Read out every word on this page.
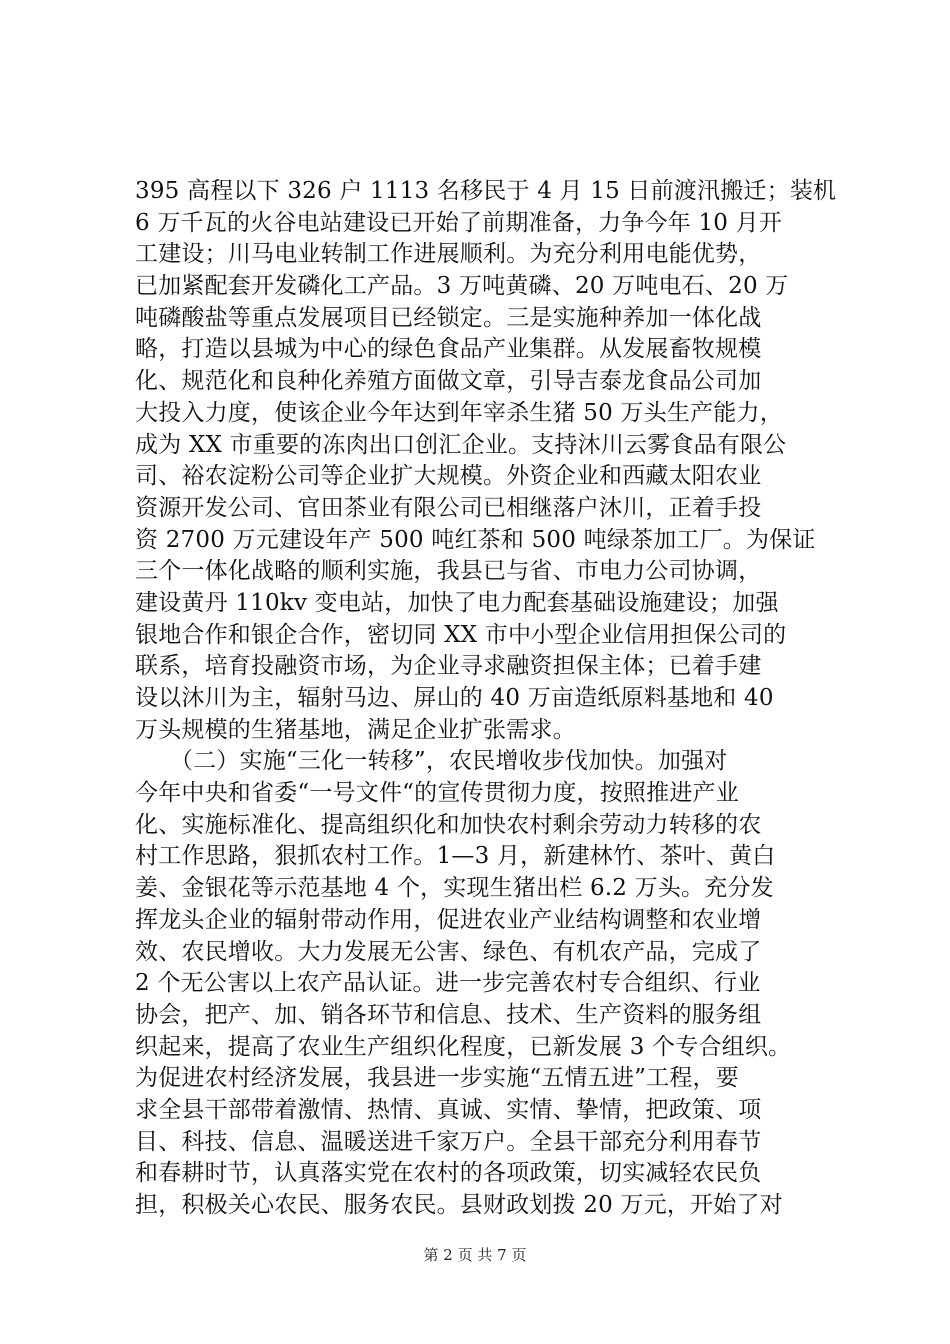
395 高程以下 326 户 1113 名移民于 4 月 15 日前渡汛搬迁；装机
6 万千瓦的火谷电站建设已开始了前期准备，力争今年 10 月开
工建设；川马电业转制工作进展顺利。为充分利用电能优势，
已加紧配套开发磷化工产品。3 万吨黄磷、20 万吨电石、20 万
吨磷酸盐等重点发展项目已经锁定。三是实施种养加一体化战
略，打造以县城为中心的绿色食品产业集群。从发展畜牧规模
化、规范化和良种化养殖方面做文章，引导吉泰龙食品公司加
大投入力度，使该企业今年达到年宰杀生猪 50 万头生产能力，
成为 XX 市重要的冻肉出口创汇企业。支持沐川云雾食品有限公
司、裕农淀粉公司等企业扩大规模。外资企业和西藏太阳农业
资源开发公司、官田茶业有限公司已相继落户沐川，正着手投
资 2700 万元建设年产 500 吨红茶和 500 吨绿茶加工厂。为保证
三个一体化战略的顺利实施，我县已与省、市电力公司协调，
建设黄丹 110kv 变电站，加快了电力配套基础设施建设；加强
银地合作和银企合作，密切同 XX 市中小型企业信用担保公司的
联系，培育投融资市场，为企业寻求融资担保主体；已着手建
设以沐川为主，辐射马边、屏山的 40 万亩造纸原料基地和 40
万头规模的生猪基地，满足企业扩张需求。
　　（二）实施“三化一转移”，农民增收步伐加快。加强对
今年中央和省委“一号文件“的宣传贯彻力度，按照推进产业
化、实施标准化、提高组织化和加快农村剩余劳动力转移的农
村工作思路，狠抓农村工作。1—3 月，新建林竹、茶叶、黄白
姜、金银花等示范基地 4 个，实现生猪出栏 6.2 万头。充分发
挥龙头企业的辐射带动作用，促进农业产业结构调整和农业增
效、农民增收。大力发展无公害、绿色、有机农产品，完成了
2 个无公害以上农产品认证。进一步完善农村专合组织、行业
协会，把产、加、销各环节和信息、技术、生产资料的服务组
织起来，提高了农业生产组织化程度，已新发展 3 个专合组织。
为促进农村经济发展，我县进一步实施“五情五进”工程，要
求全县干部带着激情、热情、真诚、实情、挚情，把政策、项
目、科技、信息、温暖送进千家万户。全县干部充分利用春节
和春耕时节，认真落实党在农村的各项政策，切实减轻农民负
担，积极关心农民、服务农民。县财政划拨 20 万元，开始了对
第 2 页 共 7 页
